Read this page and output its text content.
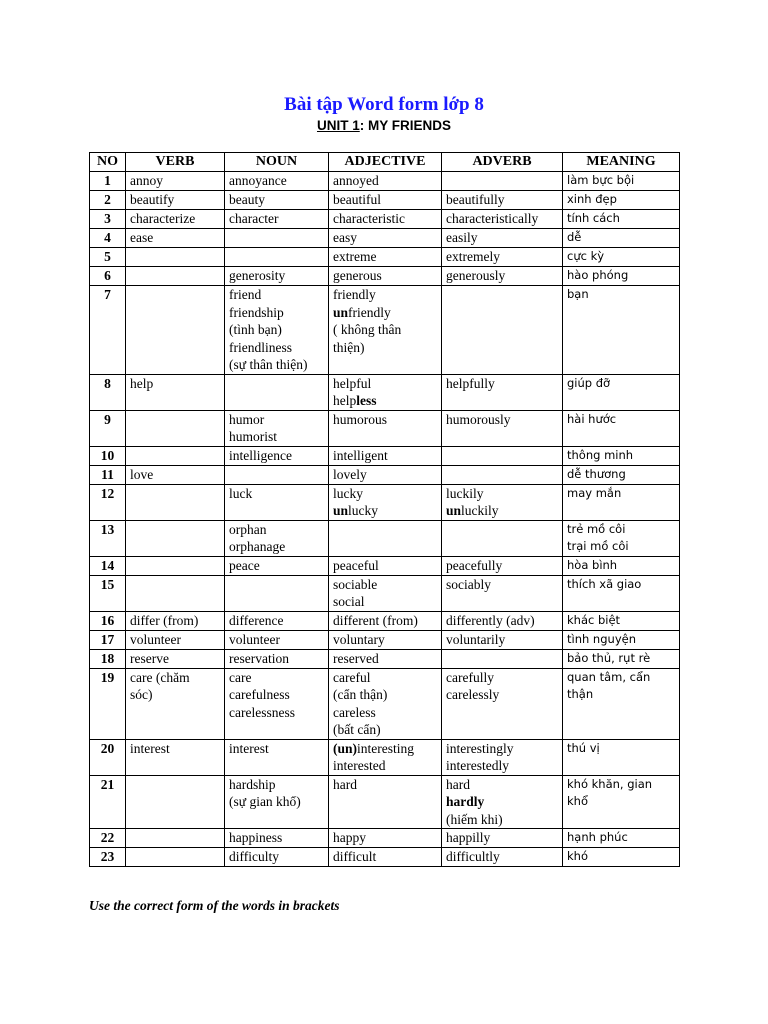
Bài tập Word form lớp 8
UNIT 1: MY FRIENDS
NO	VERB	NOUN	ADJECTIVE	ADVERB	MEANING
1	annoy	annoyance	annoyed		làm bực bội

2	beautify	beauty	beautiful	beautifully	xinh đẹp

3	characterize	character	characteristic	characteristically	tính cách

4	ease		easy	easily	dễ

5			extreme	extremely	cực kỳ

6		generosity	generous	generously	hào phóng

7		friend
friendship
(tình bạn)
friendliness
(sự thân thiện)	friendly
unfriendly
( không thân
thiện)		bạn

8	help		helpful
helpless	helpfully	giúp đỡ

9		humor
humorist	humorous	humorously	hài hước

10		intelligence	intelligent		thông minh

11	love		lovely		dễ thương

12		luck	lucky
unlucky	luckily
unluckily	may mắn

13		orphan
orphanage			trẻ mồ côi
trại mồ côi

14		peace	peaceful	peacefully	hòa bình

15			sociable
social	sociably	thích xã giao

16	differ (from)	difference	different (from)	differently (adv)	khác biệt

17	volunteer	volunteer	voluntary	voluntarily	tình nguyện

18	reserve	reservation	reserved		bảo thủ, rụt rè

19	care (chăm
sóc)	care
carefulness
carelessness	careful
(cẩn thận)
careless
(bất cẩn)	carefully
carelessly	quan tâm, cẩn
thận

20	interest	interest	(un)interesting
interested	interestingly
interestedly	thú vị

21		hardship
(sự gian khổ)	hard	hard
hardly
(hiếm khi)	khó khăn, gian
khổ

22		happiness	happy	happilly	hạnh phúc

23		difficulty	difficult	difficultly	khó
Use the correct form of the words in brackets
